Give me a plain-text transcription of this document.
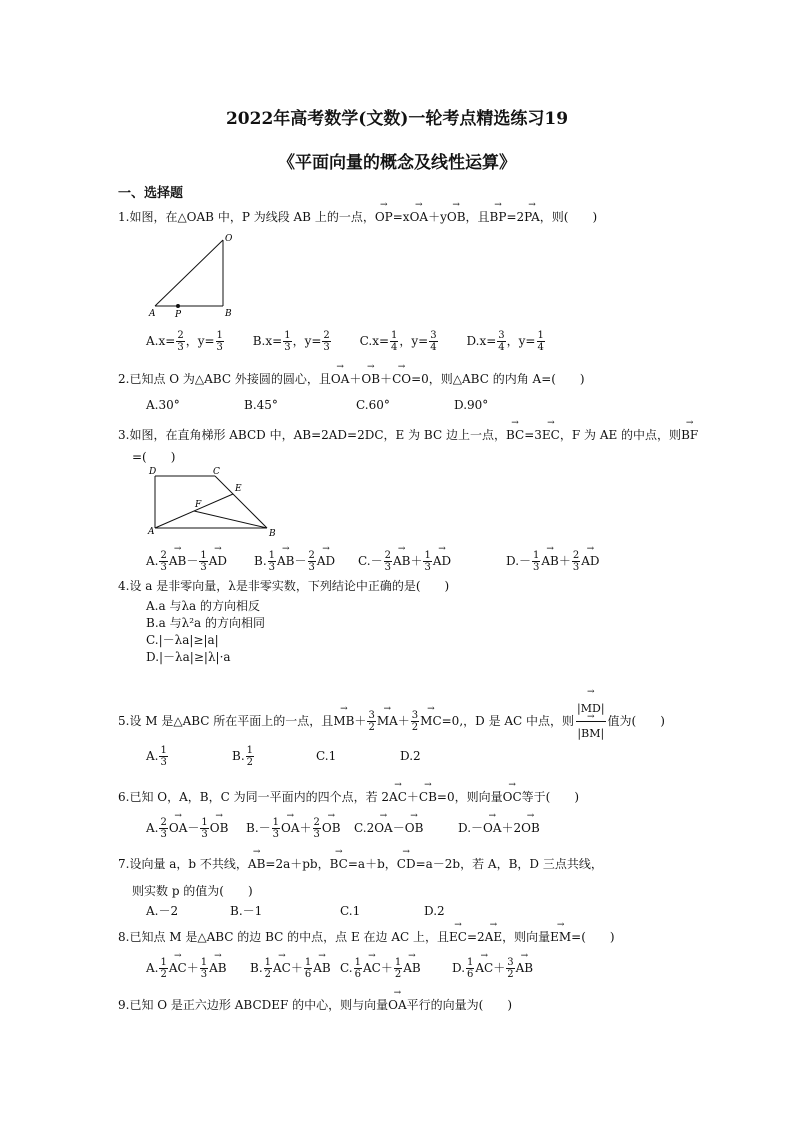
2022年高考数学(文数)一轮考点精选练习19
《平面向量的概念及线性运算》
一、选择题
1.如图，在△OAB 中，P 为线段 AB 上的一点，→ OP=x→ OA＋y→ OB，且→ BP=2→ PA，则(　　)
O
A P	B
$A.x= \frac{2}{3}$ ，$y= \frac{1}{3} B.x= \frac{1}{3}$ ，$y= \frac{2}{3} C.x= \frac{1}{4}$ ，$y= \frac{3}{4} D.x= \frac{3}{4}$ ，$y= \frac{1}{4}$
2.已知点 O 为△ABC 外接圆的圆心，且→ OA＋→ OB＋→ CO=0，则△ABC 的内角 A=(　　)
A.30°	B.45°	C.60°	D.90°
3.如图，在直角梯形 ABCD 中，AB=2AD=2DC，E 为 BC 边上一点，→ BC=3→ EC，F 为 AE 的中点，则→ BF
=(　　)
D	C
E
F
A	B
A. $\frac{2}{3}$
→ $AB- \frac{1}{3}$
→ AD B. $\frac{1}{3}$
→ $AB- \frac{2}{3}$
→ AD $C.- \frac{2}{3}$
→ $AB+ \frac{1}{3}$
→ AD	$D.- \frac{1}{3}$
→ $AB+ \frac{2}{3}$
→ AD
4.设 a 是非零向量，λ是非零实数，下列结论中正确的是(　　)
A.a 与λa 的方向相反
B.a 与λ²a 的方向相同
C.|－λa|≥|a|
D.|－λa|≥|λ|·a
5.设 M 是△ABC 所在平面上的一点，且→ $MB+ \frac{3}{2}$
→ $MA+ \frac{3}{2}$
→ MC=0,，D 是 AC 中点，则
→ |MD|
→ |BM| 值为(　　)
A. $\frac{1}{3}$	B. $\frac{1}{2}$	C.1	D.2
6.已知 O，A，B，C 为同一平面内的四个点，若 2→ AC＋→ CB=0，则向量→ OC等于(　　)
A. $\frac{2}{3}$
→ $OA- \frac{1}{3}$
→ OB $B.- \frac{1}{3}$
→ $OA+ \frac{2}{3}$
→ OB C.2→ OA－→ OB	D.－→ OA＋2→ OB
7.设向量 a，b 不共线，→ AB=2a＋pb，→ BC=a＋b，→ CD=a－2b，若 A，B，D 三点共线，
则实数 p 的值为(　　)
A.－2	B.－1	C.1	D.2
8.已知点 M 是△ABC 的边 BC 的中点，点 E 在边 AC 上，且→ EC=2→ AE，则向量→ EM=(　　)
A. $\frac{1}{2}$
→ $AC+ \frac{1}{3}$
→ AB B. $\frac{1}{2}$
→ $AC+ \frac{1}{6}$
→ AB C. $\frac{1}{6}$
→ $AC+ \frac{1}{2}$
→ AB	D. $\frac{1}{6}$
→ $AC+ \frac{3}{2}$
→ AB
9.已知 O 是正六边形 ABCDEF 的中心，则与向量→ OA平行的向量为(　　)
